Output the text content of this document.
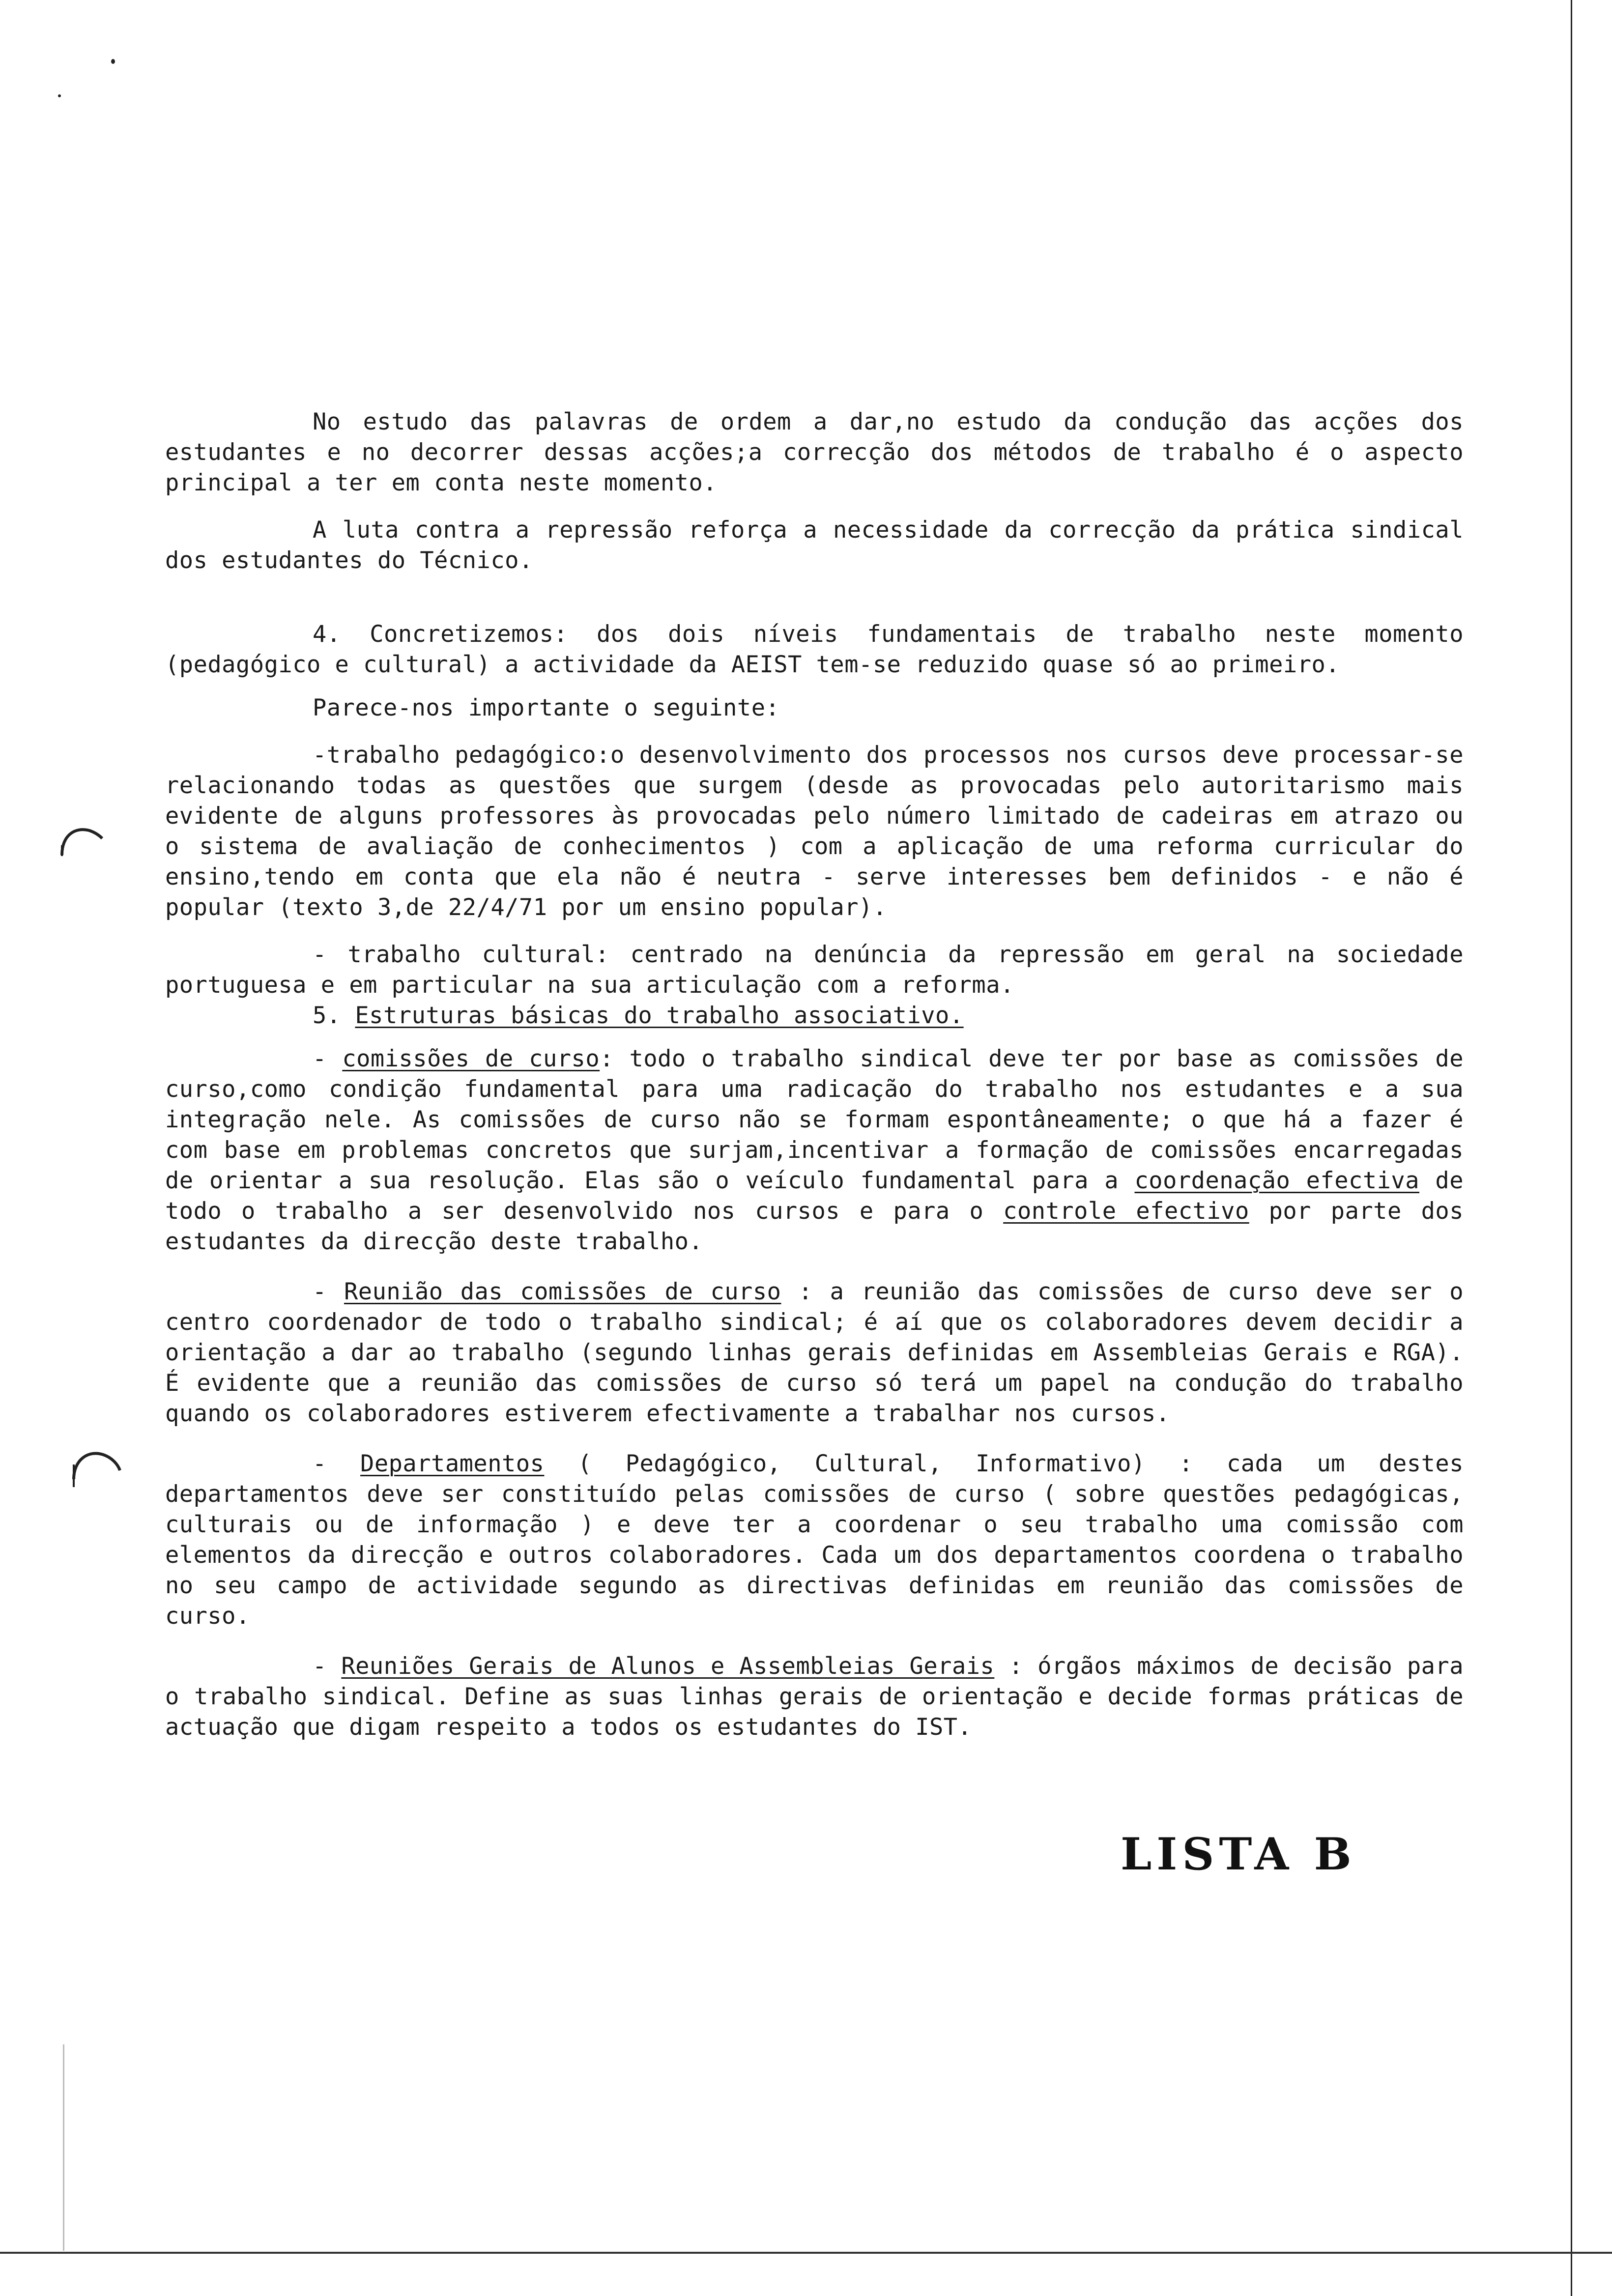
No estudo das palavras de ordem a dar,no estudo da condução das acções dos estudantes e no decorrer dessas acções;a correcção dos métodos de trabalho é o aspecto principal a ter em conta neste momento.

A luta contra a repressão reforça a necessidade da correcção da prática sindical dos estudantes do Técnico.

4. Concretizemos: dos dois níveis fundamentais de trabalho neste momento (pedagógico e cultural) a actividade da AEIST tem-se reduzido quase só ao primeiro.

Parece-nos importante o seguinte:

-trabalho pedagógico:o desenvolvimento dos processos nos cursos deve processar-se relacionando todas as questões que surgem (desde as provocadas pelo autoritarismo mais evidente de alguns professores às provocadas pelo número limitado de cadeiras em atrazo ou o sistema de avaliação de conhecimentos ) com a aplicação de uma reforma curricular do ensino,tendo em conta que ela não é neutra - serve interesses bem definidos - e não é popular (texto 3,de 22/4/71 por um ensino popular).

- trabalho cultural: centrado na denúncia da repressão em geral na sociedade portuguesa e em particular na sua articulação com a reforma.

5. Estruturas básicas do trabalho associativo.

- comissões de curso: todo o trabalho sindical deve ter por base as comissões de curso,como condição fundamental para uma radicação do trabalho nos estudantes e a sua integração nele. As comissões de curso não se formam espontâneamente; o que há a fazer é com base em problemas concretos que surjam,incentivar a formação de comissões encarregadas de orientar a sua resolução. Elas são o veículo fundamental para a coordenação efectiva de todo o trabalho a ser desenvolvido nos cursos e para o controle efectivo por parte dos estudantes da direcção deste trabalho.

- Reunião das comissões de curso : a reunião das comissões de curso deve ser o centro coordenador de todo o trabalho sindical; é aí que os colaboradores devem decidir a orientação a dar ao trabalho (segundo linhas gerais definidas em Assembleias Gerais e RGA). É evidente que a reunião das comissões de curso só terá um papel na condução do trabalho quando os colaboradores estiverem efectivamente a trabalhar nos cursos.

- Departamentos ( Pedagógico, Cultural, Informativo) : cada um destes departamentos deve ser constituído pelas comissões de curso ( sobre questões pedagógicas, culturais ou de informação ) e deve ter a coordenar o seu trabalho uma comissão com elementos da direcção e outros colaboradores. Cada um dos departamentos coordena o trabalho no seu campo de actividade segundo as directivas definidas em reunião das comissões de curso.

- Reuniões Gerais de Alunos e Assembleias Gerais : órgãos máximos de decisão para o trabalho sindical. Define as suas linhas gerais de orientação e decide formas práticas de actuação que digam respeito a todos os estudantes do IST.

LISTA B
